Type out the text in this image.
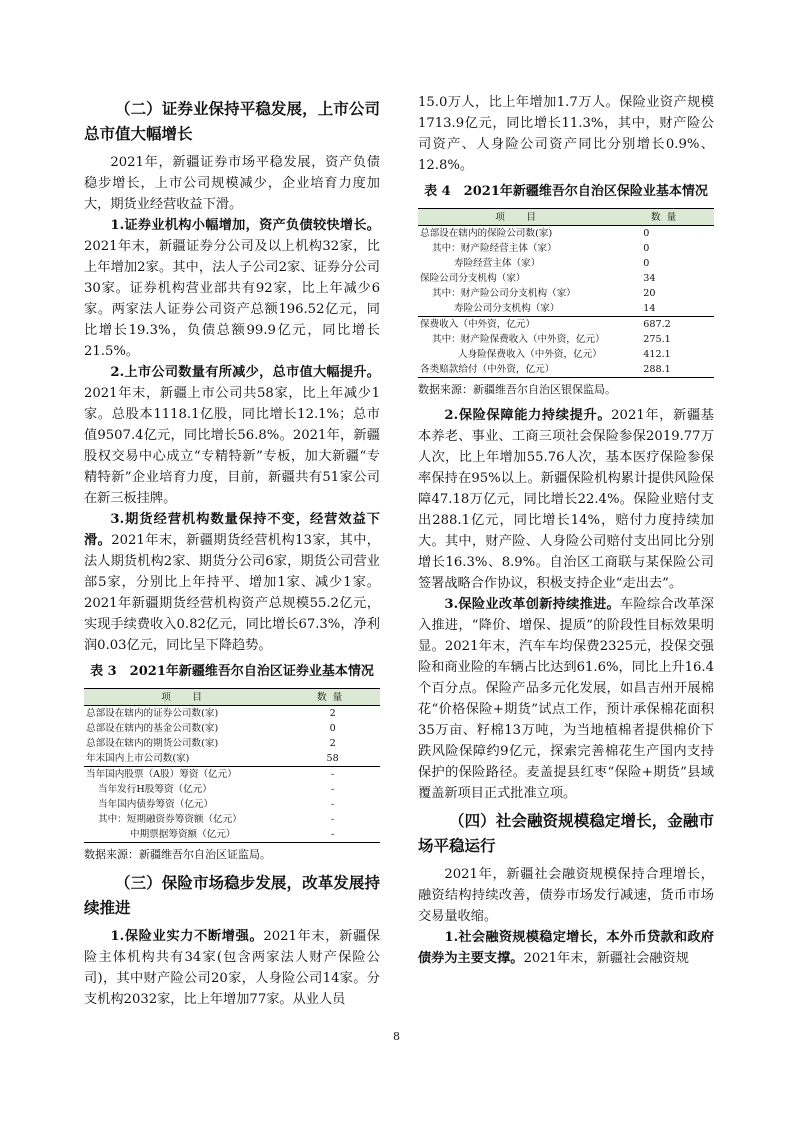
（二）证券业保持平稳发展，上市公司总市值大幅增长

2021年，新疆证券市场平稳发展，资产负债稳步增长，上市公司规模减少，企业培育力度加大，期货业经营收益下滑。

1.证券业机构小幅增加，资产负债较快增长。2021年末，新疆证券分公司及以上机构32家，比上年增加2家。其中，法人子公司2家、证券分公司30家。证券机构营业部共有92家，比上年减少6家。两家法人证券公司资产总额196.52亿元，同比增长19.3%，负债总额99.9亿元，同比增长21.5%。

2.上市公司数量有所减少，总市值大幅提升。2021年末，新疆上市公司共58家，比上年减少1家。总股本1118.1亿股，同比增长12.1%；总市值9507.4亿元，同比增长56.8%。2021年，新疆股权交易中心成立“专精特新”专板，加大新疆“专精特新”企业培育力度，目前，新疆共有51家公司在新三板挂牌。

3.期货经营机构数量保持不变，经营效益下滑。2021年末，新疆期货经营机构13家，其中，法人期货机构2家、期货分公司6家，期货公司营业部5家，分别比上年持平、增加1家、减少1家。2021年新疆期货经营机构资产总规模55.2亿元，实现手续费收入0.82亿元，同比增长67.3%，净利润0.03亿元，同比呈下降趋势。

表 3　2021年新疆维吾尔自治区证券业基本情况
项　目	数量
总部设在辖内的证券公司数(家)	2
总部设在辖内的基金公司数(家)	0
总部设在辖内的期货公司数(家)	2
年末国内上市公司数(家)	58
当年国内股票（A股）筹资（亿元）	-
当年发行H股筹资（亿元）	-
当年国内债券筹资（亿元）	-
其中：短期融资券筹资额（亿元）	-
中期票据筹资额（亿元）	-

数据来源：新疆维吾尔自治区证监局。

（三）保险市场稳步发展，改革发展持续推进

1.保险业实力不断增强。2021年末，新疆保险主体机构共有34家(包含两家法人财产保险公司)，其中财产险公司20家，人身险公司14家。分支机构2032家，比上年增加77家。从业人员

15.0万人，比上年增加1.7万人。保险业资产规模1713.9亿元，同比增长11.3%，其中，财产险公司资产、人身险公司资产同比分别增长0.9%、12.8%。

表 4　2021年新疆维吾尔自治区保险业基本情况
项　目	数量
总部设在辖内的保险公司数(家)	0
其中：财产险经营主体（家）	0
寿险经营主体（家）	0
保险公司分支机构（家）	34
其中：财产险公司分支机构（家）	20
寿险公司分支机构（家）	14
保费收入（中外资，亿元）	687.2
其中：财产险保费收入（中外资，亿元）	275.1
人身险保费收入（中外资，亿元）	412.1
各类赔款给付（中外资，亿元）	288.1

数据来源：新疆维吾尔自治区银保监局。

2.保险保障能力持续提升。2021年，新疆基本养老、事业、工商三项社会保险参保2019.77万人次，比上年增加55.76人次，基本医疗保险参保率保持在95%以上。新疆保险机构累计提供风险保障47.18万亿元，同比增长22.4%。保险业赔付支出288.1亿元，同比增长14%，赔付力度持续加大。其中，财产险、人身险公司赔付支出同比分别增长16.3%、8.9%。自治区工商联与某保险公司签署战略合作协议，积极支持企业“走出去”。

3.保险业改革创新持续推进。车险综合改革深入推进，“降价、增保、提质”的阶段性目标效果明显。2021年末，汽车车均保费2325元，投保交强险和商业险的车辆占比达到61.6%，同比上升16.4个百分点。保险产品多元化发展，如昌吉州开展棉花“价格保险+期货”试点工作，预计承保棉花面积35万亩、籽棉13万吨，为当地植棉者提供棉价下跌风险保障约9亿元，探索完善棉花生产国内支持保护的保险路径。麦盖提县红枣“保险+期货”县域覆盖新项目正式批准立项。

（四）社会融资规模稳定增长，金融市场平稳运行

2021年，新疆社会融资规模保持合理增长，融资结构持续改善，债券市场发行减速，货币市场交易量收缩。

1.社会融资规模稳定增长，本外币贷款和政府债券为主要支撑。2021年末，新疆社会融资规

8
